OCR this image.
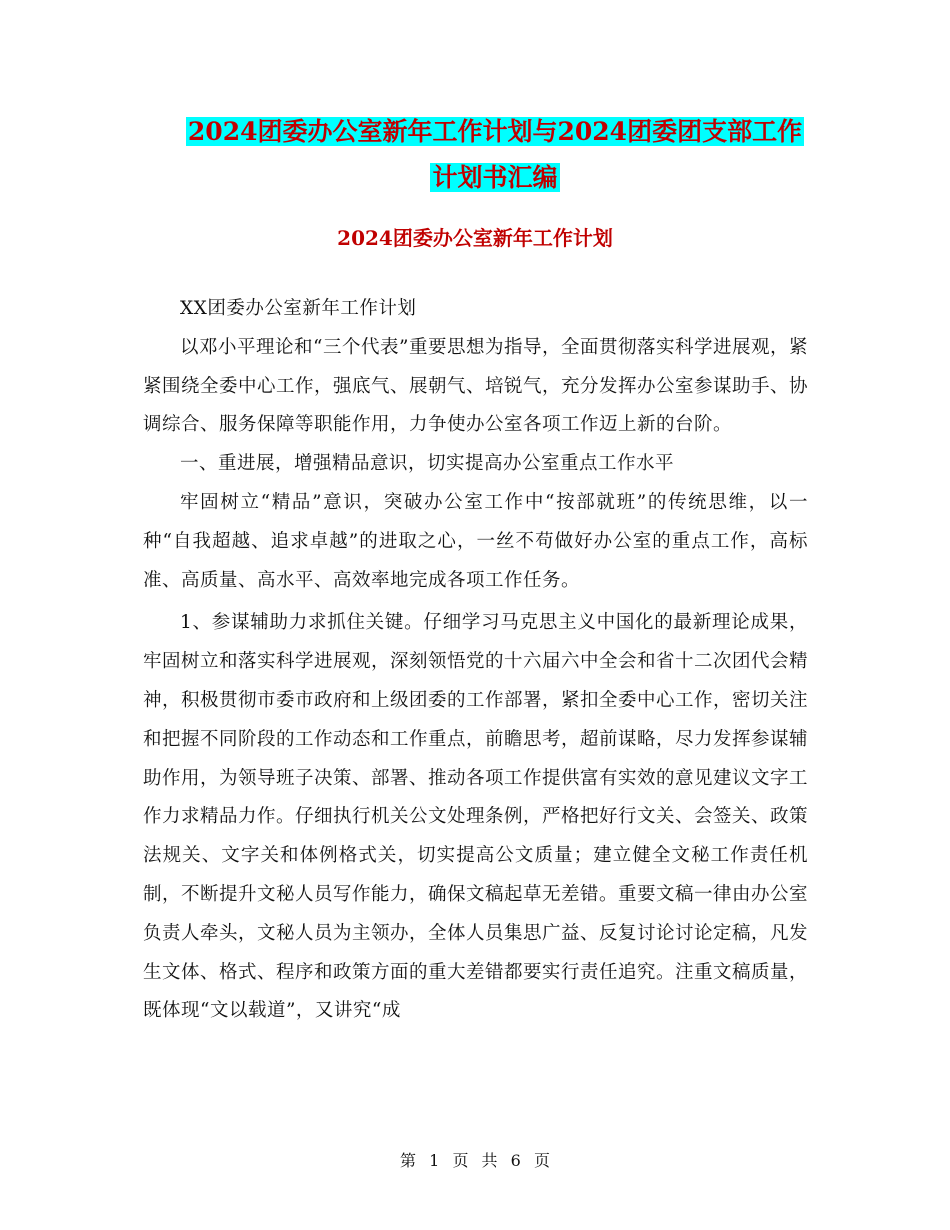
2024团委办公室新年工作计划与2024团委团支部工作
计划书汇编
2024团委办公室新年工作计划

XX团委办公室新年工作计划

以邓小平理论和“三个代表”重要思想为指导，全面贯彻落实科学进展观，紧紧围绕全委中心工作，强底气、展朝气、培锐气，充分发挥办公室参谋助手、协调综合、服务保障等职能作用，力争使办公室各项工作迈上新的台阶。

一、重进展，增强精品意识，切实提高办公室重点工作水平

牢固树立“精品”意识，突破办公室工作中“按部就班”的传统思维，以一种“自我超越、追求卓越”的进取之心，一丝不苟做好办公室的重点工作，高标准、高质量、高水平、高效率地完成各项工作任务。

1、参谋辅助力求抓住关键。仔细学习马克思主义中国化的最新理论成果，牢固树立和落实科学进展观，深刻领悟党的十六届六中全会和省十二次团代会精神，积极贯彻市委市政府和上级团委的工作部署，紧扣全委中心工作，密切关注和把握不同阶段的工作动态和工作重点，前瞻思考，超前谋略，尽力发挥参谋辅助作用，为领导班子决策、部署、推动各项工作提供富有实效的意见建议文字工作力求精品力作。仔细执行机关公文处理条例，严格把好行文关、会签关、政策法规关、文字关和体例格式关，切实提高公文质量；建立健全文秘工作责任机制，不断提升文秘人员写作能力，确保文稿起草无差错。重要文稿一律由办公室负责人牵头，文秘人员为主领办，全体人员集思广益、反复讨论讨论定稿，凡发生文体、格式、程序和政策方面的重大差错都要实行责任追究。注重文稿质量，既体现“文以载道”，又讲究“成

第 1 页 共 6 页
